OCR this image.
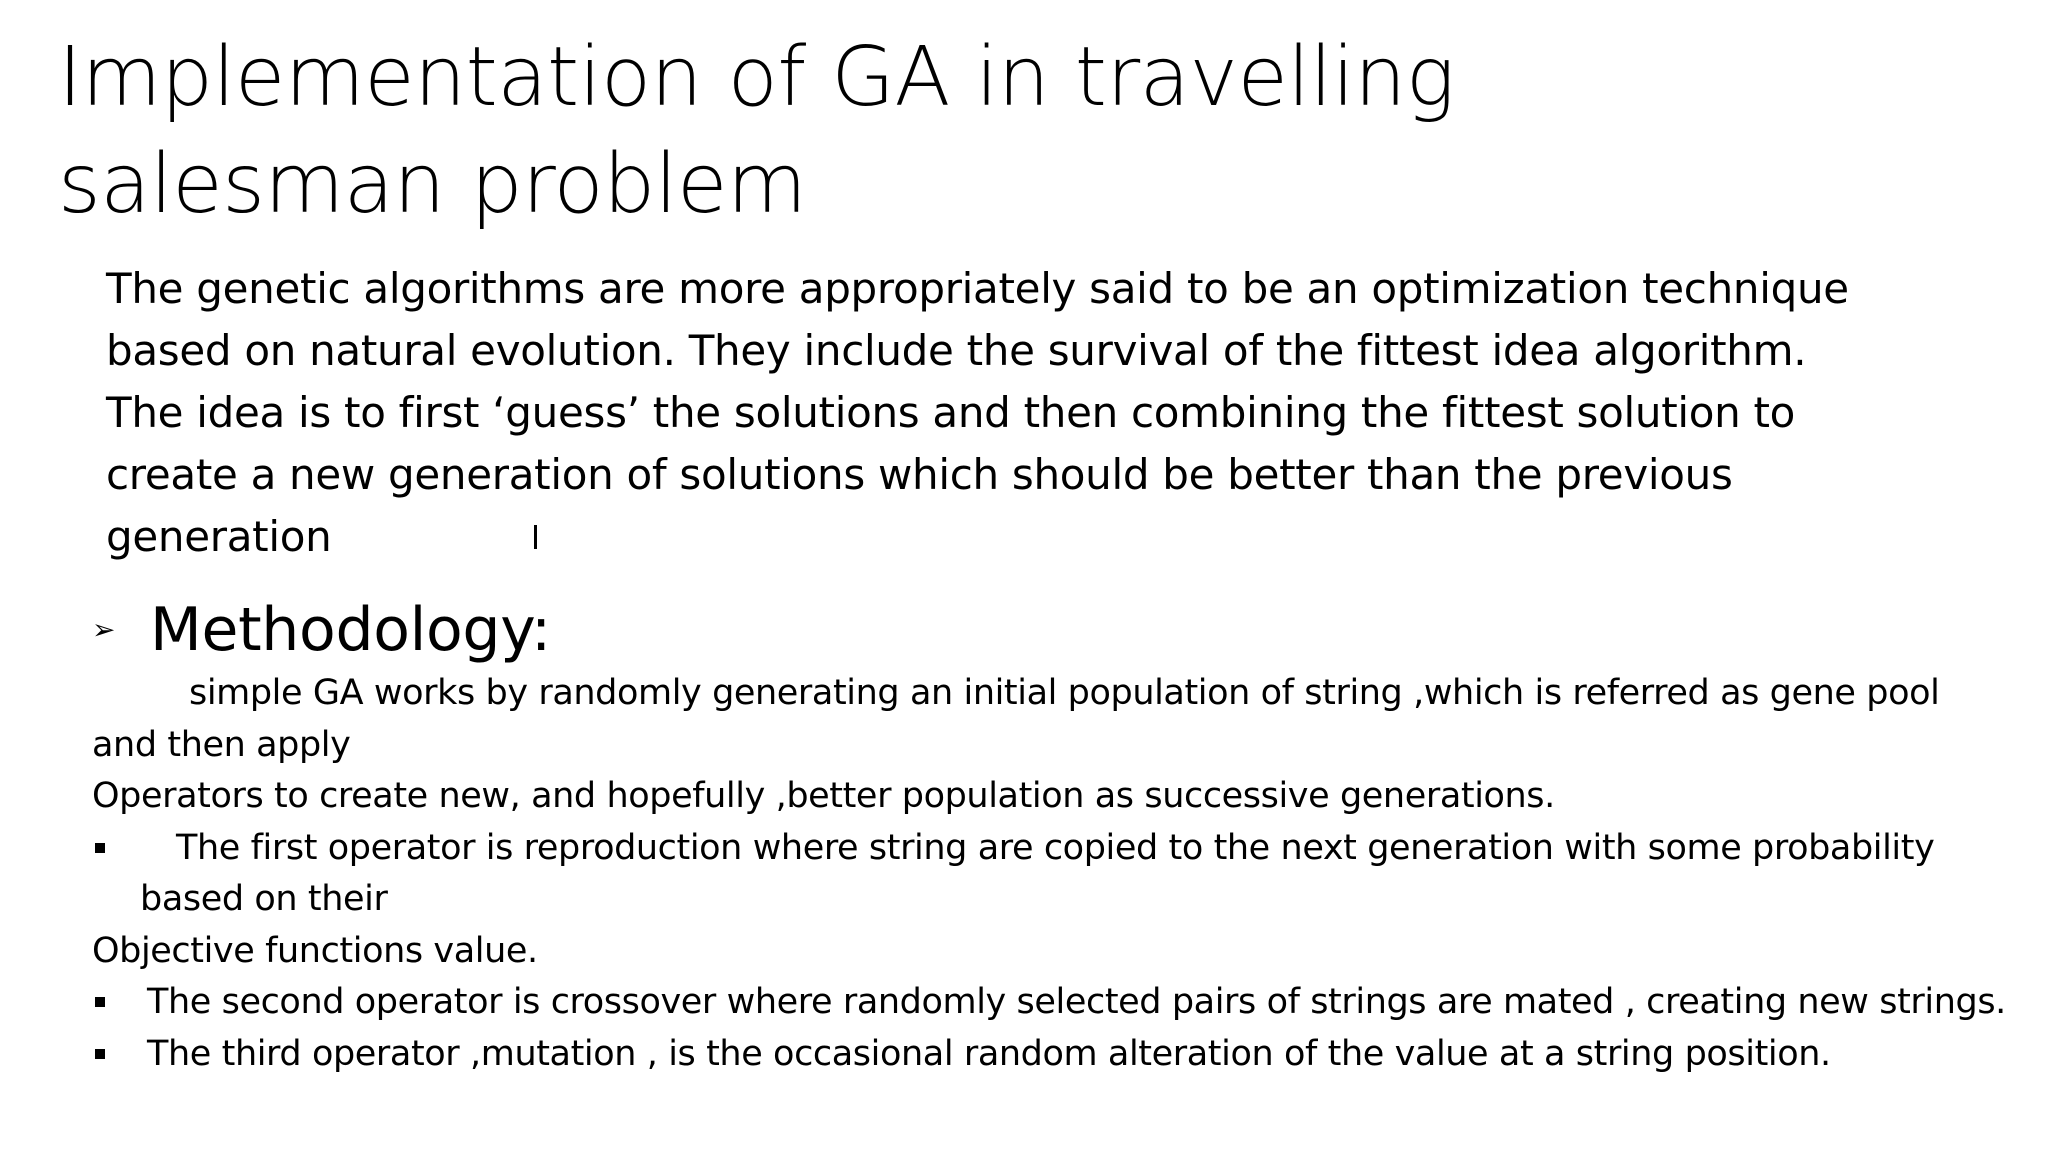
Implementation of GA in travelling
salesman problem
The genetic algorithms are more appropriately said to be an optimization technique
based on natural evolution. They include the survival of the fittest idea algorithm.
The idea is to first ‘guess’ the solutions and then combining the fittest solution to
create a new generation of solutions which should be better than the previous
generation
➢ Methodology:
simple GA works by randomly generating an initial population of string ,which is referred as gene pool
and then apply
Operators to create new, and hopefully ,better population as successive generations.
The first operator is reproduction where string are copied to the next generation with some probability
based on their
Objective functions value.
The second operator is crossover where randomly selected pairs of strings are mated , creating new strings.
The third operator ,mutation , is the occasional random alteration of the value at a string position.
